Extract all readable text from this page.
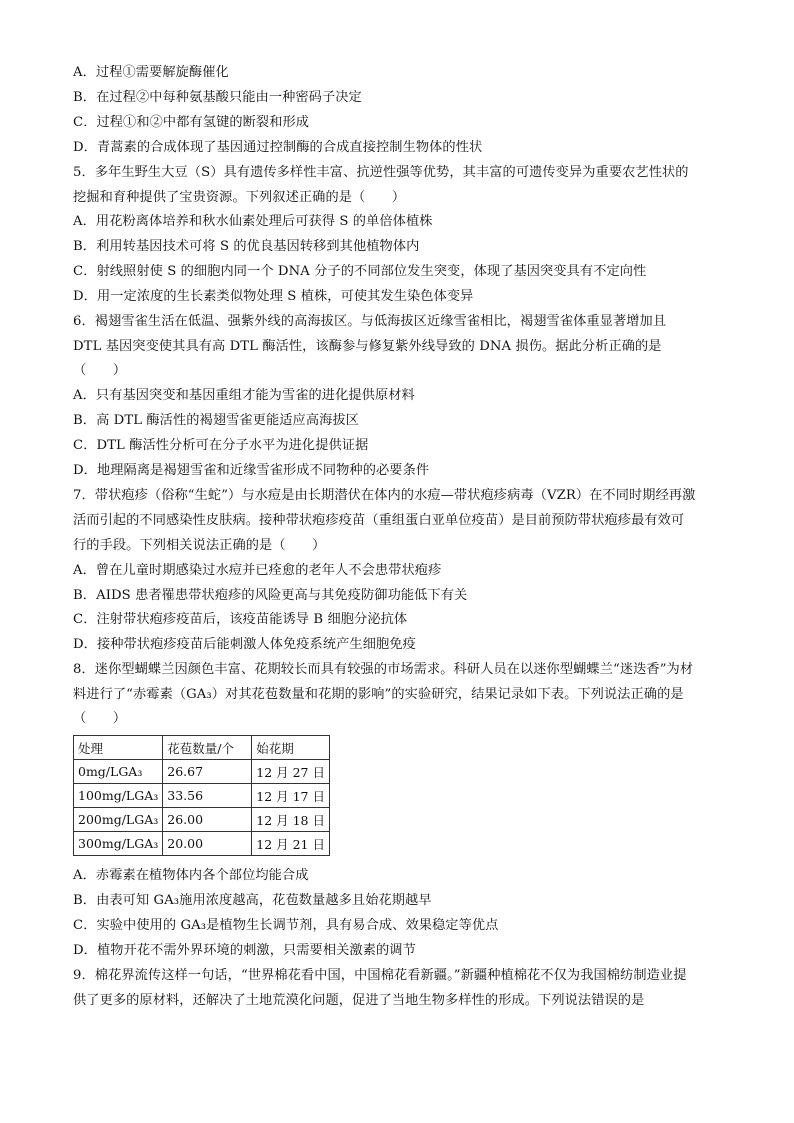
A．过程①需要解旋酶催化
B．在过程②中每种氨基酸只能由一种密码子决定
C．过程①和②中都有氢键的断裂和形成
D．青蒿素的合成体现了基因通过控制酶的合成直接控制生物体的性状
5．多年生野生大豆（S）具有遗传多样性丰富、抗逆性强等优势，其丰富的可遗传变异为重要农艺性状的
挖掘和育种提供了宝贵资源。下列叙述正确的是（　　）
A．用花粉离体培养和秋水仙素处理后可获得 S 的单倍体植株
B．利用转基因技术可将 S 的优良基因转移到其他植物体内
C．射线照射使 S 的细胞内同一个 DNA 分子的不同部位发生突变，体现了基因突变具有不定向性
D．用一定浓度的生长素类似物处理 S 植株，可使其发生染色体变异
6．褐翅雪雀生活在低温、强紫外线的高海拔区。与低海拔区近缘雪雀相比，褐翅雪雀体重显著增加且
DTL 基因突变使其具有高 DTL 酶活性，该酶参与修复紫外线导致的 DNA 损伤。据此分析正确的是
（　　）
A．只有基因突变和基因重组才能为雪雀的进化提供原材料
B．高 DTL 酶活性的褐翅雪雀更能适应高海拔区
C．DTL 酶活性分析可在分子水平为进化提供证据
D．地理隔离是褐翅雪雀和近缘雪雀形成不同物种的必要条件
7．带状疱疹（俗称“生蛇”）与水痘是由长期潜伏在体内的水痘—带状疱疹病毒（VZR）在不同时期经再激
活而引起的不同感染性皮肤病。接种带状疱疹疫苗（重组蛋白亚单位疫苗）是目前预防带状疱疹最有效可
行的手段。下列相关说法正确的是（　　）
A．曾在儿童时期感染过水痘并已痊愈的老年人不会患带状疱疹
B．AIDS 患者罹患带状疱疹的风险更高与其免疫防御功能低下有关
C．注射带状疱疹疫苗后，该疫苗能诱导 B 细胞分泌抗体
D．接种带状疱疹疫苗后能刺激人体免疫系统产生细胞免疫
8．迷你型蝴蝶兰因颜色丰富、花期较长而具有较强的市场需求。科研人员在以迷你型蝴蝶兰“迷迭香”为材
料进行了“赤霉素（GA₃）对其花苞数量和花期的影响”的实验研究，结果记录如下表。下列说法正确的是
（　　）
处理	花苞数量/个	始花期
0mg/LGA₃	26.67	12 月 27 日
100mg/LGA₃	33.56	12 月 17 日
200mg/LGA₃	26.00	12 月 18 日
300mg/LGA₃	20.00	12 月 21 日
A．赤霉素在植物体内各个部位均能合成
B．由表可知 GA₃施用浓度越高，花苞数量越多且始花期越早
C．实验中使用的 GA₃是植物生长调节剂，具有易合成、效果稳定等优点
D．植物开花不需外界环境的刺激，只需要相关激素的调节
9．棉花界流传这样一句话，“世界棉花看中国，中国棉花看新疆。”新疆种植棉花不仅为我国棉纺制造业提
供了更多的原材料，还解决了土地荒漠化问题，促进了当地生物多样性的形成。下列说法错误的是
